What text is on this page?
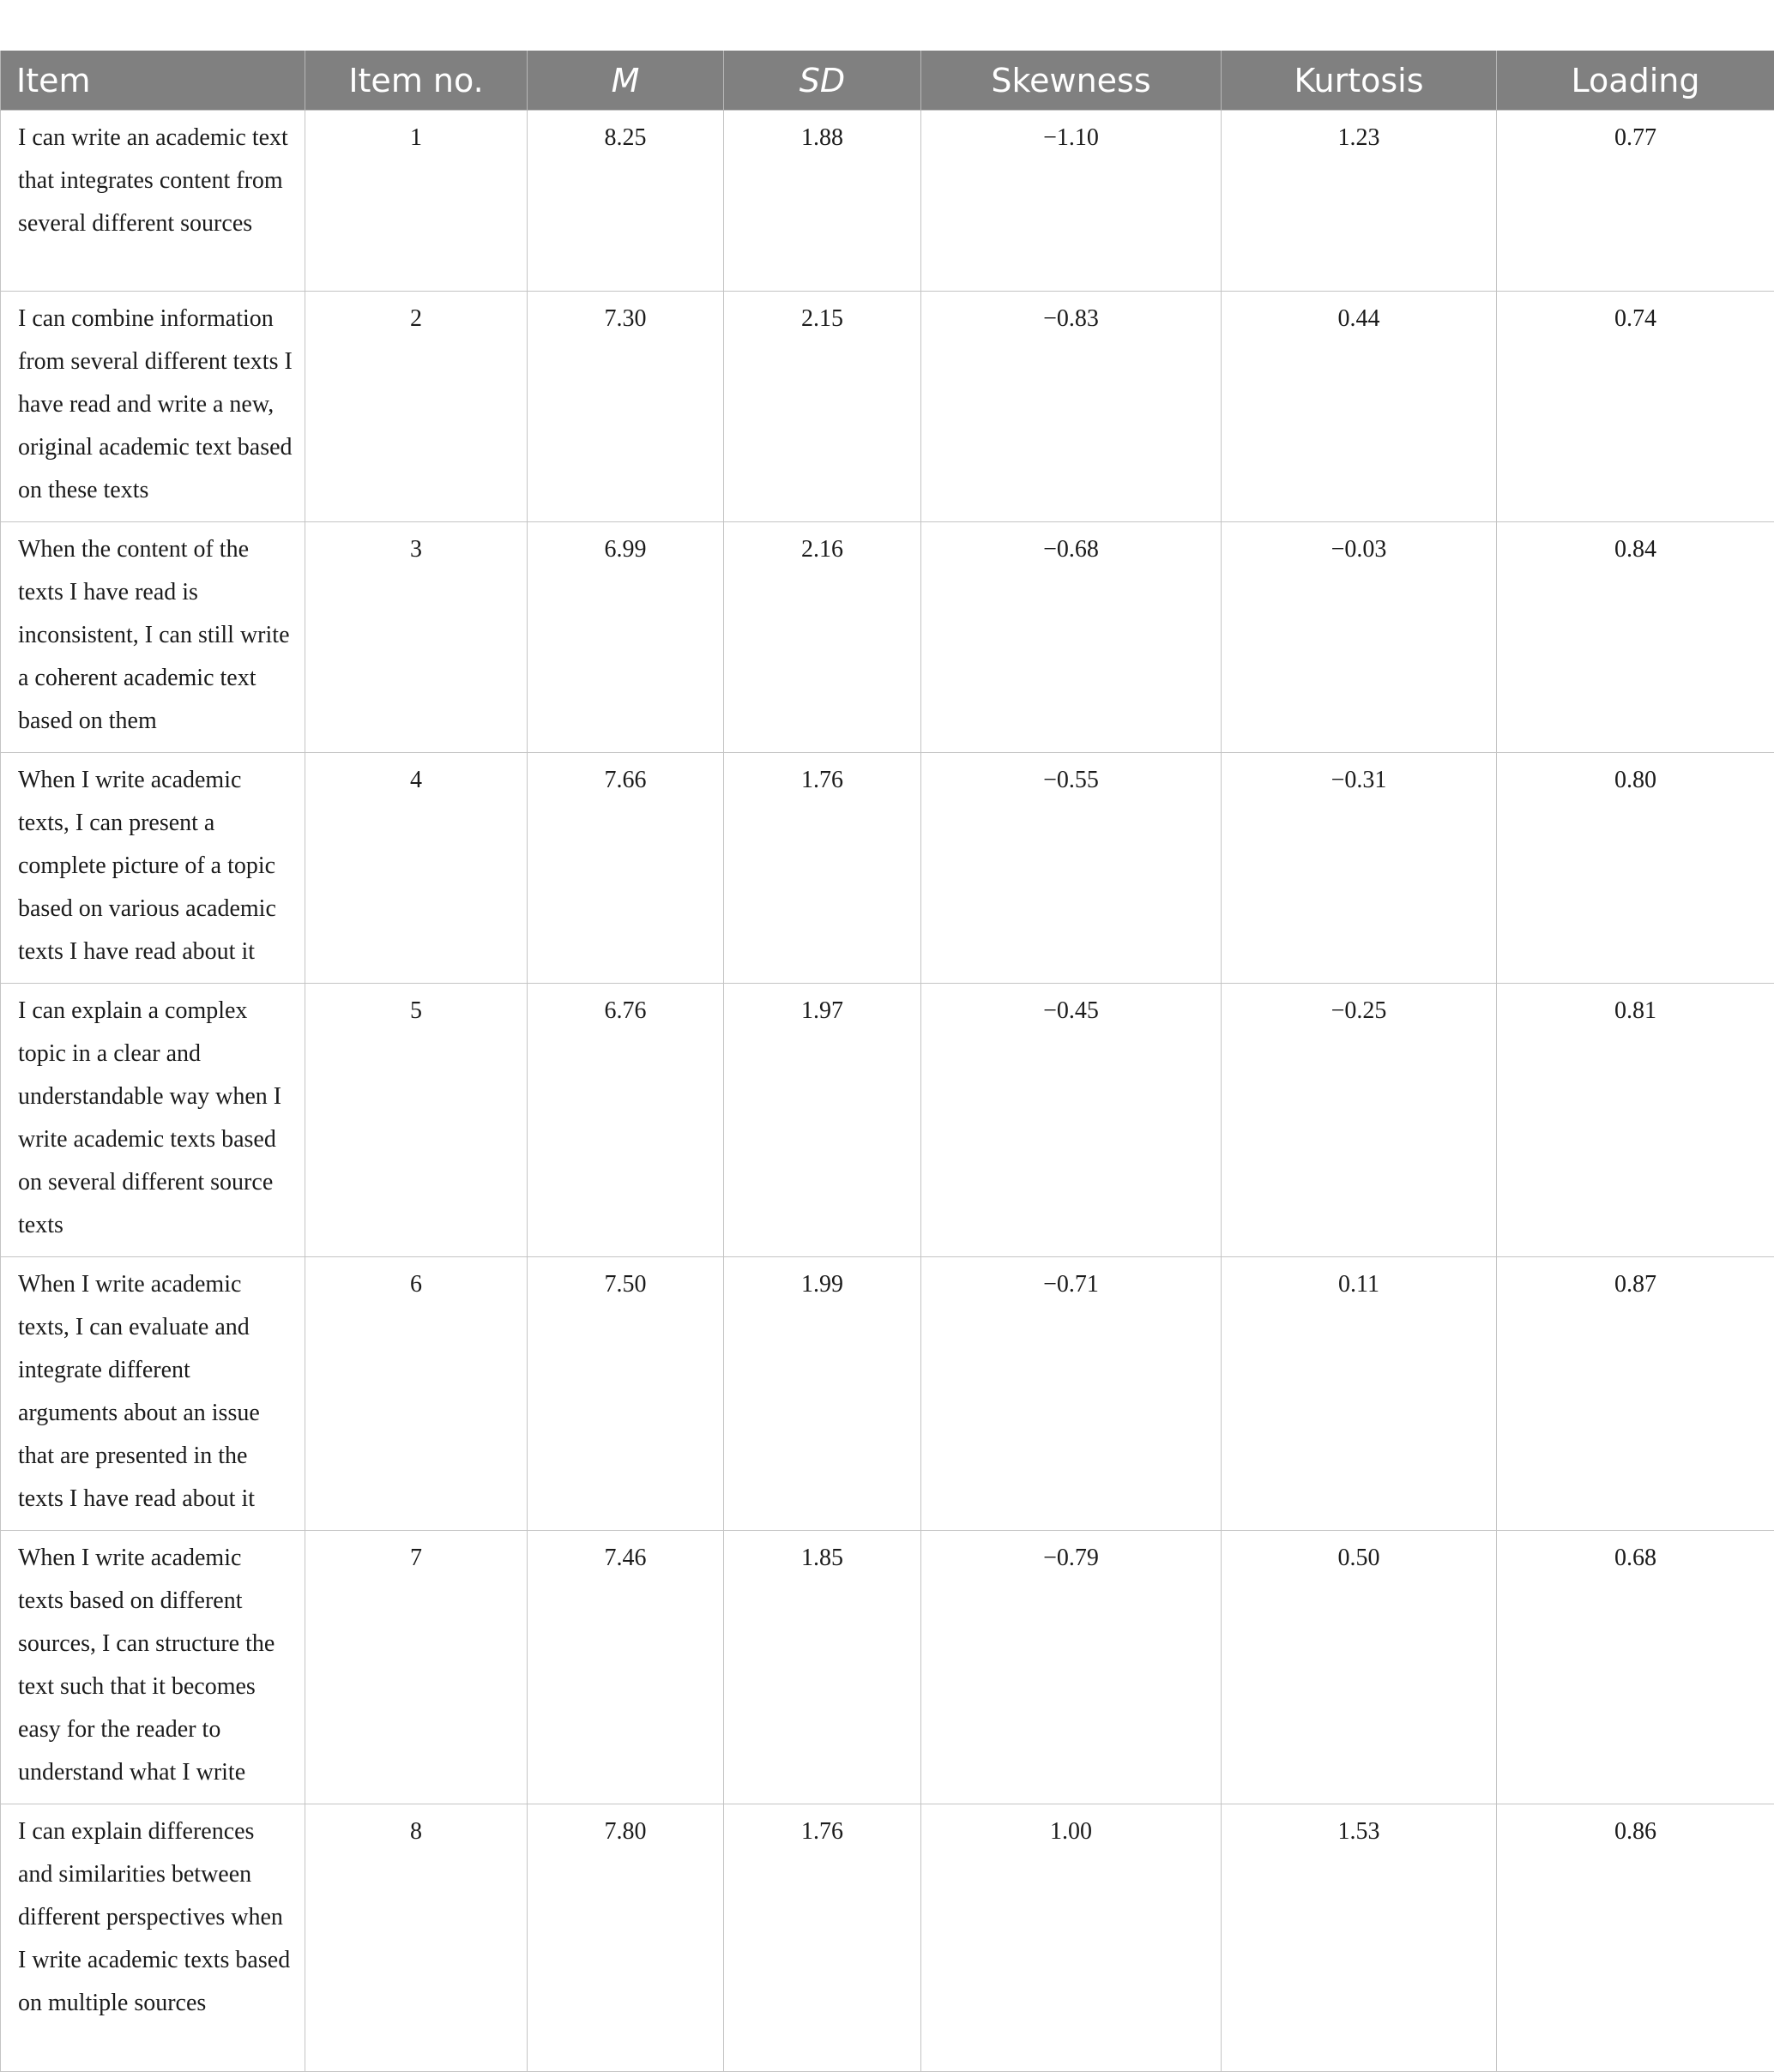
Item	Item no.	M	SD	Skewness	Kurtosis	Loading
I can write an academic text that integrates content from several different sources	1	8.25	1.88	−1.10	1.23	0.77
I can combine information from several different texts I have read and write a new, original academic text based on these texts	2	7.30	2.15	−0.83	0.44	0.74
When the content of the texts I have read is inconsistent, I can still write a coherent academic text based on them	3	6.99	2.16	−0.68	−0.03	0.84
When I write academic texts, I can present a complete picture of a topic based on various academic texts I have read about it	4	7.66	1.76	−0.55	−0.31	0.80
I can explain a complex topic in a clear and understandable way when I write academic texts based on several different source texts	5	6.76	1.97	−0.45	−0.25	0.81
When I write academic texts, I can evaluate and integrate different arguments about an issue that are presented in the texts I have read about it	6	7.50	1.99	−0.71	0.11	0.87
When I write academic texts based on different sources, I can structure the text such that it becomes easy for the reader to understand what I write	7	7.46	1.85	−0.79	0.50	0.68
I can explain differences and similarities between different perspectives when I write academic texts based on multiple sources	8	7.80	1.76	1.00	1.53	0.86
